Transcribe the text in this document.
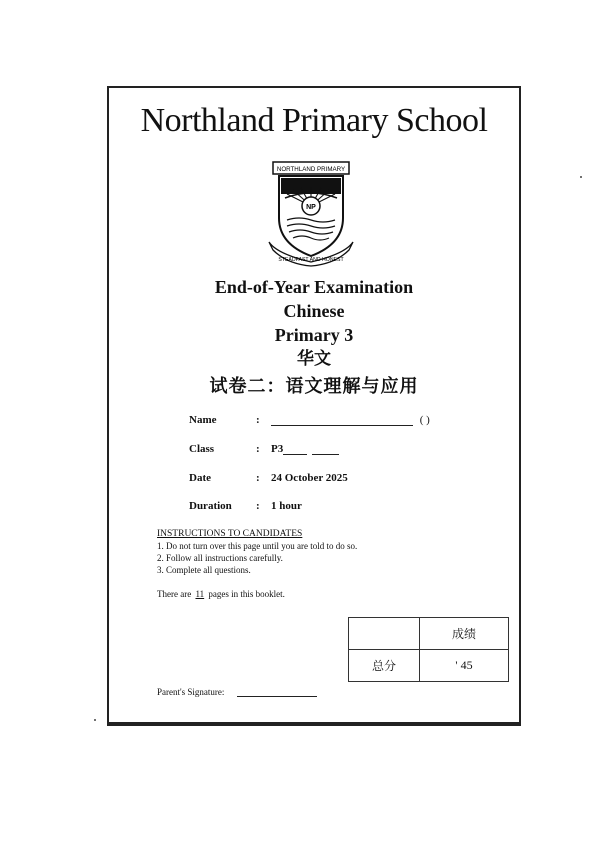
Northland Primary School
NORTHLAND PRIMARY
NP
STEADFAST AND HONEST
End-of-Year Examination
Chinese
Primary 3
华文
试卷二：语文理解与应用
Name	:	( )
Class	: P3
Date	: 24 October 2025
Duration	: 1 hour
INSTRUCTIONS TO CANDIDATES
1. Do not turn over this page until you are told to do so.
2. Follow all instructions carefully.
3. Complete all questions.
There are 11 pages in this booklet.
	成绩
总分	' 45
Parent's Signature:
